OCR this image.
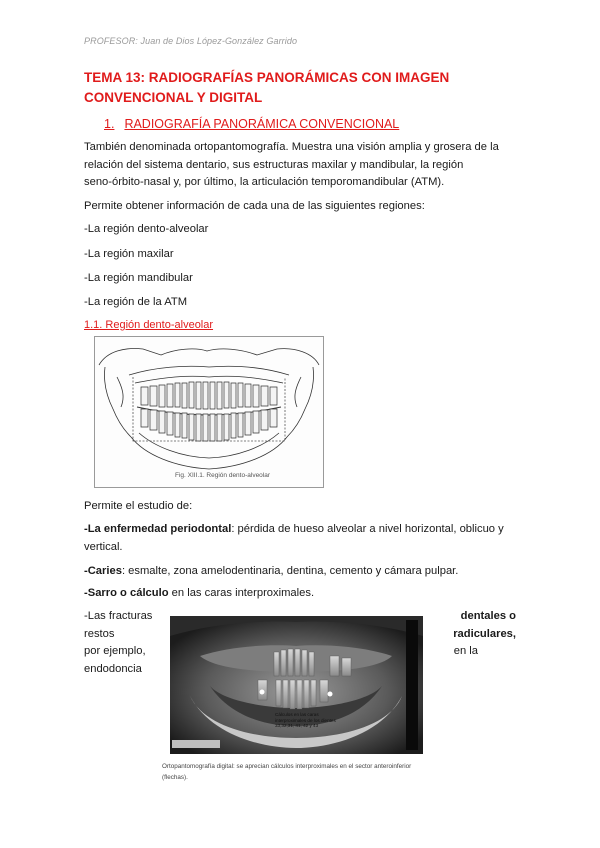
PROFESOR: Juan de Dios López-González Garrido
TEMA 13: RADIOGRAFÍAS PANORÁMICAS CON IMAGEN CONVENCIONAL Y DIGITAL
1. RADIOGRAFÍA PANORÁMICA CONVENCIONAL
También denominada ortopantomografía. Muestra una visión amplia y grosera de la
relación del sistema dentario, sus estructuras maxilar y mandibular, la región
seno-órbito-nasal y, por último, la articulación temporomandibular (ATM).
Permite obtener información de cada una de las siguientes regiones:
-La región dento-alveolar
-La región maxilar
-La región mandibular
-La región de la ATM
1.1. Región dento-alveolar
Fig. XIII.1. Región dento-alveolar
Permite el estudio de:
-La enfermedad periodontal: pérdida de hueso alveolar a nivel horizontal, oblicuo y
vertical.
-Caries: esmalte, zona amelodentinaria, dentina, cemento y cámara pulpar.
-Sarro o cálculo en las caras interproximales.
-Las fracturas
restos
por ejemplo,
endodoncia
dentales o
radiculares,
en la
Cálculos en las caras interproximales de los dientes 33,32,31, 41, 42 y 43
Ortopantomografía digital: se aprecian cálculos interproximales en el sector anteroinferior
(flechas).
